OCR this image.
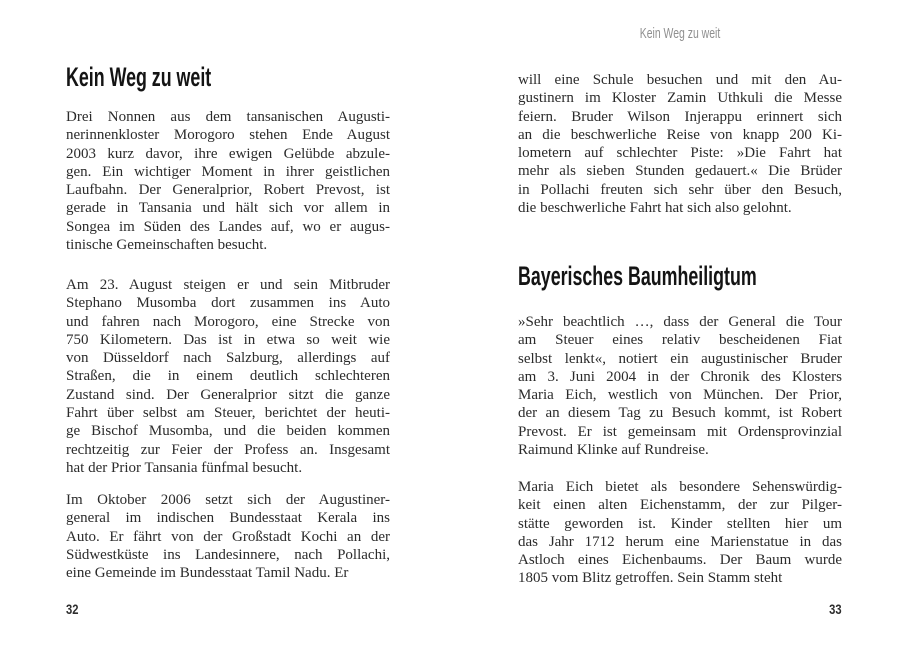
Kein Weg zu weit
Drei Nonnen aus dem tansanischen Augusti-
nerinnenkloster Morogoro stehen Ende August
2003 kurz davor, ihre ewigen Gelübde abzule-
gen. Ein wichtiger Moment in ihrer geistlichen
Laufbahn. Der Generalprior, Robert Prevost, ist
gerade in Tansania und hält sich vor allem in
Songea im Süden des Landes auf, wo er augus-
tinische Gemeinschaften besucht.
Am 23. August steigen er und sein Mitbruder
Stephano Musomba dort zusammen ins Auto
und fahren nach Morogoro, eine Strecke von
750 Kilometern. Das ist in etwa so weit wie
von Düsseldorf nach Salzburg, allerdings auf
Straßen, die in einem deutlich schlechteren
Zustand sind. Der Generalprior sitzt die ganze
Fahrt über selbst am Steuer, berichtet der heuti-
ge Bischof Musomba, und die beiden kommen
rechtzeitig zur Feier der Profess an. Insgesamt
hat der Prior Tansania fünfmal besucht.
Im Oktober 2006 setzt sich der Augustiner-
general im indischen Bundesstaat Kerala ins
Auto. Er fährt von der Großstadt Kochi an der
Südwestküste ins Landesinnere, nach Pollachi,
eine Gemeinde im Bundesstaat Tamil Nadu. Er
32
Kein Weg zu weit
will eine Schule besuchen und mit den Au-
gustinern im Kloster Zamin Uthkuli die Messe
feiern. Bruder Wilson Injerappu erinnert sich
an die beschwerliche Reise von knapp 200 Ki-
lometern auf schlechter Piste: »Die Fahrt hat
mehr als sieben Stunden gedauert.« Die Brüder
in Pollachi freuten sich sehr über den Besuch,
die beschwerliche Fahrt hat sich also gelohnt.
Bayerisches Baumheiligtum
»Sehr beachtlich …, dass der General die Tour
am Steuer eines relativ bescheidenen Fiat
selbst lenkt«, notiert ein augustinischer Bruder
am 3. Juni 2004 in der Chronik des Klosters
Maria Eich, westlich von München. Der Prior,
der an diesem Tag zu Besuch kommt, ist Robert
Prevost. Er ist gemeinsam mit Ordensprovinzial
Raimund Klinke auf Rundreise.
Maria Eich bietet als besondere Sehenswürdig-
keit einen alten Eichenstamm, der zur Pilger-
stätte geworden ist. Kinder stellten hier um
das Jahr 1712 herum eine Marienstatue in das
Astloch eines Eichenbaums. Der Baum wurde
1805 vom Blitz getroffen. Sein Stamm steht
33
